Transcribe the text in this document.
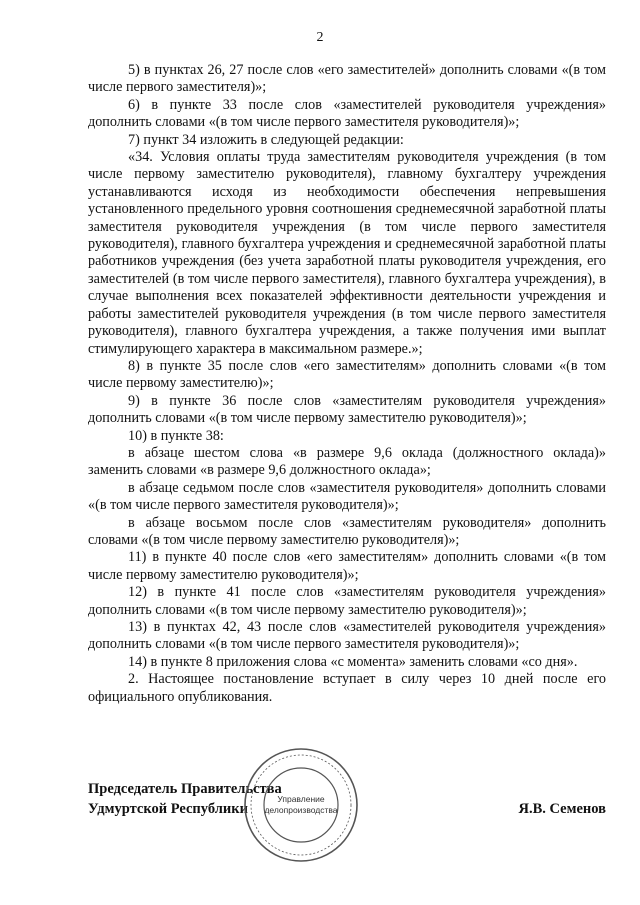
2

5) в пунктах 26, 27 после слов «его заместителей» дополнить словами «(в том числе первого заместителя)»;

6) в пункте 33 после слов «заместителей руководителя учреждения» дополнить словами «(в том числе первого заместителя руководителя)»;

7) пункт 34 изложить в следующей редакции:

«34. Условия оплаты труда заместителям руководителя учреждения (в том числе первому заместителю руководителя), главному бухгалтеру учреждения устанавливаются исходя из необходимости обеспечения непревышения установленного предельного уровня соотношения среднемесячной заработной платы заместителя руководителя учреждения (в том числе первого заместителя руководителя), главного бухгалтера учреждения и среднемесячной заработной платы работников учреждения (без учета заработной платы руководителя учреждения, его заместителей (в том числе первого заместителя), главного бухгалтера учреждения), в случае выполнения всех показателей эффективности деятельности учреждения и работы заместителей руководителя учреждения (в том числе первого заместителя руководителя), главного бухгалтера учреждения, а также получения ими выплат стимулирующего характера в максимальном размере.»;

8) в пункте 35 после слов «его заместителям» дополнить словами «(в том числе первому заместителю)»;

9) в пункте 36 после слов «заместителям руководителя учреждения» дополнить словами «(в том числе первому заместителю руководителя)»;

10) в пункте 38:

в абзаце шестом слова «в размере 9,6 оклада (должностного оклада)» заменить словами «в размере 9,6 должностного оклада»;

в абзаце седьмом после слов «заместителя руководителя» дополнить словами «(в том числе первого заместителя руководителя)»;

в абзаце восьмом после слов «заместителям руководителя» дополнить словами «(в том числе первому заместителю руководителя)»;

11) в пункте 40 после слов «его заместителям» дополнить словами «(в том числе первому заместителю руководителя)»;

12) в пункте 41 после слов «заместителям руководителя учреждения» дополнить словами «(в том числе первому заместителю руководителя)»;

13) в пунктах 42, 43 после слов «заместителей руководителя учреждения» дополнить словами «(в том числе первого заместителя руководителя)»;

14) в пункте 8 приложения слова «с момента» заменить словами «со дня».

2. Настоящее постановление вступает в силу через 10 дней после его официального опубликования.

Председатель Правительства
Удмуртской Республики	Я.В. Семенов
Управление
делопроизводства
